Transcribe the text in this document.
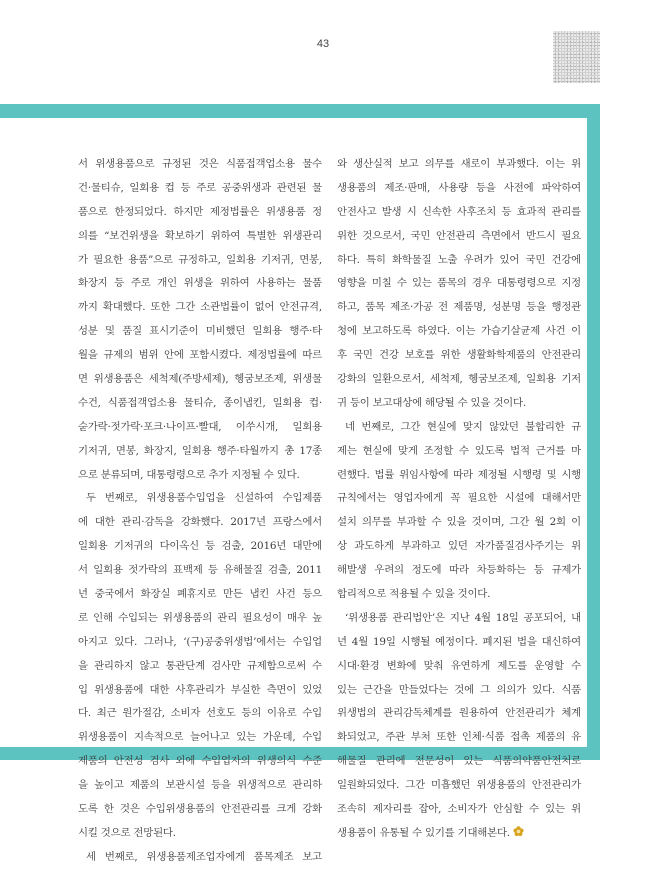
43
서 위생용품으로 규정된 것은 식품접객업소용 물수
건·물티슈, 일회용 컵 등 주로 공중위생과 관련된 물
품으로 한정되었다. 하지만 제정법률은 위생용품 정
의를 “보건위생을 확보하기 위하여 특별한 위생관리
가 필요한 용품”으로 규정하고, 일회용 기저귀, 면봉,
화장지 등 주로 개인 위생을 위하여 사용하는 물품
까지 확대했다. 또한 그간 소관법률이 없어 안전규격,
성분 및 품질 표시기준이 미비했던 일회용 행주·타
월을 규제의 범위 안에 포함시켰다. 제정법률에 따르
면 위생용품은 세척제(주방세제), 헹굼보조제, 위생물
수건, 식품접객업소용 물티슈, 종이냅킨, 일회용 컵·
숟가락·젓가락·포크·나이프·빨대, 이쑤시개, 일회용
기저귀, 면봉, 화장지, 일회용 행주·타월까지 총 17종
으로 분류되며, 대통령령으로 추가 지정될 수 있다.
두 번째로, 위생용품수입업을 신설하여 수입제품
에 대한 관리·감독을 강화했다. 2017년 프랑스에서
일회용 기저귀의 다이옥신 등 검출, 2016년 대만에
서 일회용 젓가락의 표백제 등 유해물질 검출, 2011
년 중국에서 화장실 폐휴지로 만든 냅킨 사건 등으
로 인해 수입되는 위생용품의 관리 필요성이 매우 높
아지고 있다. 그러나, ‘(구)공중위생법’에서는 수입업
을 관리하지 않고 통관단계 검사만 규제함으로써 수
입 위생용품에 대한 사후관리가 부실한 측면이 있었
다. 최근 원가절감, 소비자 선호도 등의 이유로 수입
위생용품이 지속적으로 늘어나고 있는 가운데, 수입
제품의 안전성 검사 외에 수입업자의 위생의식 수준
을 높이고 제품의 보관시설 등을 위생적으로 관리하
도록 한 것은 수입위생용품의 안전관리를 크게 강화
시킬 것으로 전망된다.
세 번째로, 위생용품제조업자에게 품목제조 보고
와 생산실적 보고 의무를 새로이 부과했다. 이는 위
생용품의 제조·판매, 사용량 등을 사전에 파악하여
안전사고 발생 시 신속한 사후조치 등 효과적 관리를
위한 것으로서, 국민 안전관리 측면에서 반드시 필요
하다. 특히 화학물질 노출 우려가 있어 국민 건강에
영향을 미칠 수 있는 품목의 경우 대통령령으로 지정
하고, 품목 제조·가공 전 제품명, 성분명 등을 행정관
청에 보고하도록 하였다. 이는 가습기살균제 사건 이
후 국민 건강 보호를 위한 생활화학제품의 안전관리
강화의 일환으로서, 세척제, 헹굼보조제, 일회용 기저
귀 등이 보고대상에 해당될 수 있을 것이다.
네 번째로, 그간 현실에 맞지 않았던 불합리한 규
제는 현실에 맞게 조정할 수 있도록 법적 근거를 마
련했다. 법률 위임사항에 따라 제정될 시행령 및 시행
규칙에서는 영업자에게 꼭 필요한 시설에 대해서만
설치 의무를 부과할 수 있을 것이며, 그간 월 2회 이
상 과도하게 부과하고 있던 자가품질검사주기는 위
해발생 우려의 정도에 따라 차등화하는 등 규제가
합리적으로 적용될 수 있을 것이다.
‘위생용품 관리법안’은 지난 4월 18일 공포되어, 내
년 4월 19일 시행될 예정이다. 폐지된 법을 대신하여
시대·환경 변화에 맞춰 유연하게 제도를 운영할 수
있는 근간을 만들었다는 것에 그 의의가 있다. 식품
위생법의 관리감독체계를 원용하여 안전관리가 체계
화되었고, 주관 부처 또한 인체·식품 접촉 제품의 유
해물질 관리에 전문성이 있는 식품의약품안전처로
일원화되었다. 그간 미흡했던 위생용품의 안전관리가
조속히 제자리를 잡아, 소비자가 안심할 수 있는 위
생용품이 유통될 수 있기를 기대해본다.
